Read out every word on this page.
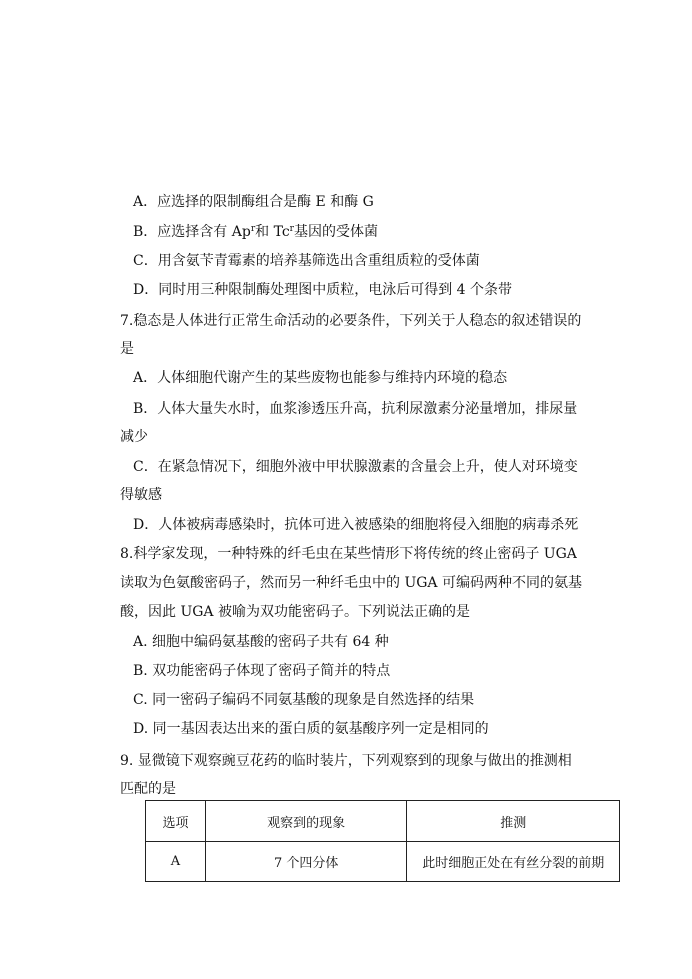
A．应选择的限制酶组合是酶 E 和酶 G
B．应选择含有 Ap$^r$和 Tc$^r$基因的受体菌
C．用含氨苄青霉素的培养基筛选出含重组质粒的受体菌
D．同时用三种限制酶处理图中质粒，电泳后可得到 4 个条带
7.稳态是人体进行正常生命活动的必要条件，下列关于人稳态的叙述错误的
是
A．人体细胞代谢产生的某些废物也能参与维持内环境的稳态
B．人体大量失水时，血浆渗透压升高，抗利尿激素分泌量增加，排尿量
减少
C．在紧急情况下，细胞外液中甲状腺激素的含量会上升，使人对环境变
得敏感
D．人体被病毒感染时，抗体可进入被感染的细胞将侵入细胞的病毒杀死
8.科学家发现，一种特殊的纤毛虫在某些情形下将传统的终止密码子 UGA
读取为色氨酸密码子，然而另一种纤毛虫中的 UGA 可编码两种不同的氨基
酸，因此 UGA 被喻为双功能密码子。下列说法正确的是
A. 细胞中编码氨基酸的密码子共有 64 种
B. 双功能密码子体现了密码子简并的特点
C. 同一密码子编码不同氨基酸的现象是自然选择的结果
D. 同一基因表达出来的蛋白质的氨基酸序列一定是相同的
9. 显微镜下观察豌豆花药的临时装片，下列观察到的现象与做出的推测相
匹配的是
选项	观察到的现象	推测
A	7 个四分体	此时细胞正处在有丝分裂的前期
